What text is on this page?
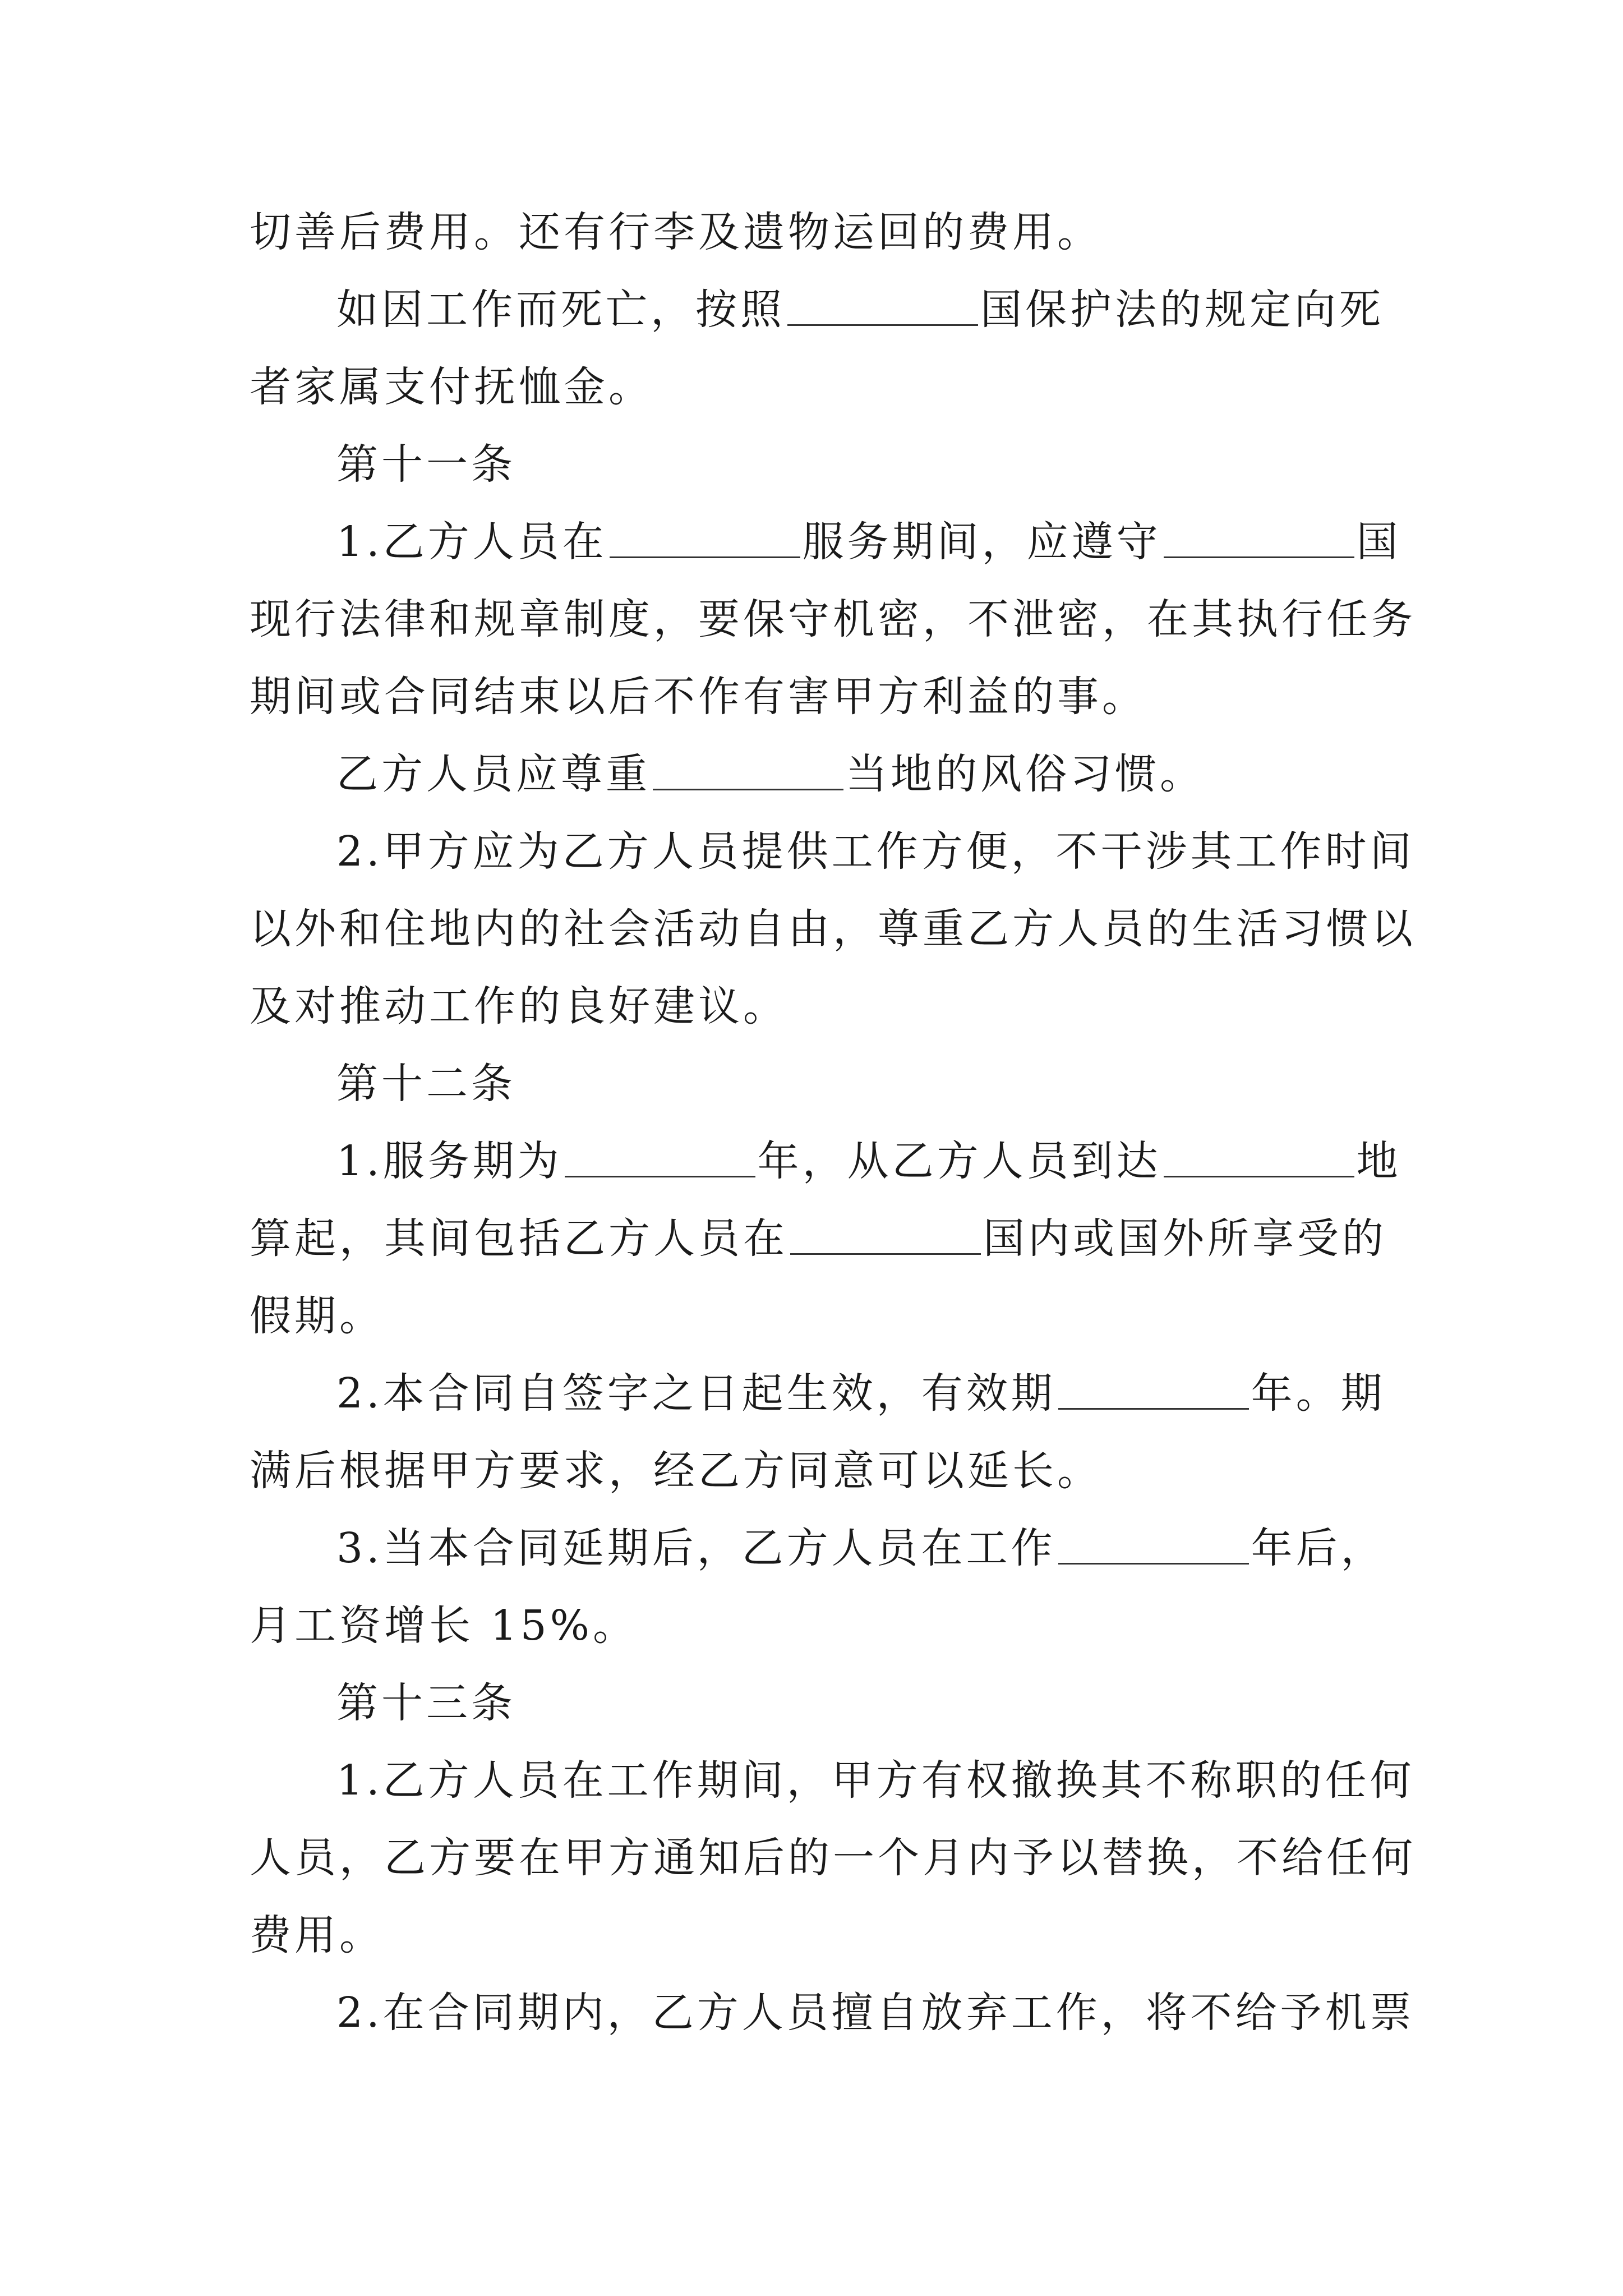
切善后费用。还有行李及遗物运回的费用。
如因工作而死亡，按照	国保护法的规定向死
者家属支付抚恤金。
第十一条
1.乙方人员在	服务期间，应遵守	国
现行法律和规章制度，要保守机密，不泄密，在其执行任务
期间或合同结束以后不作有害甲方利益的事。
乙方人员应尊重	当地的风俗习惯。
2.甲方应为乙方人员提供工作方便，不干涉其工作时间
以外和住地内的社会活动自由，尊重乙方人员的生活习惯以
及对推动工作的良好建议。
第十二条
1.服务期为	年，从乙方人员到达	地
算起，其间包括乙方人员在	国内或国外所享受的
假期。
2.本合同自签字之日起生效，有效期	年。期
满后根据甲方要求，经乙方同意可以延长。
3.当本合同延期后，乙方人员在工作	年后，
月工资增长 15%。
第十三条
1.乙方人员在工作期间，甲方有权撤换其不称职的任何
人员，乙方要在甲方通知后的一个月内予以替换，不给任何
费用。
2.在合同期内，乙方人员擅自放弃工作，将不给予机票
